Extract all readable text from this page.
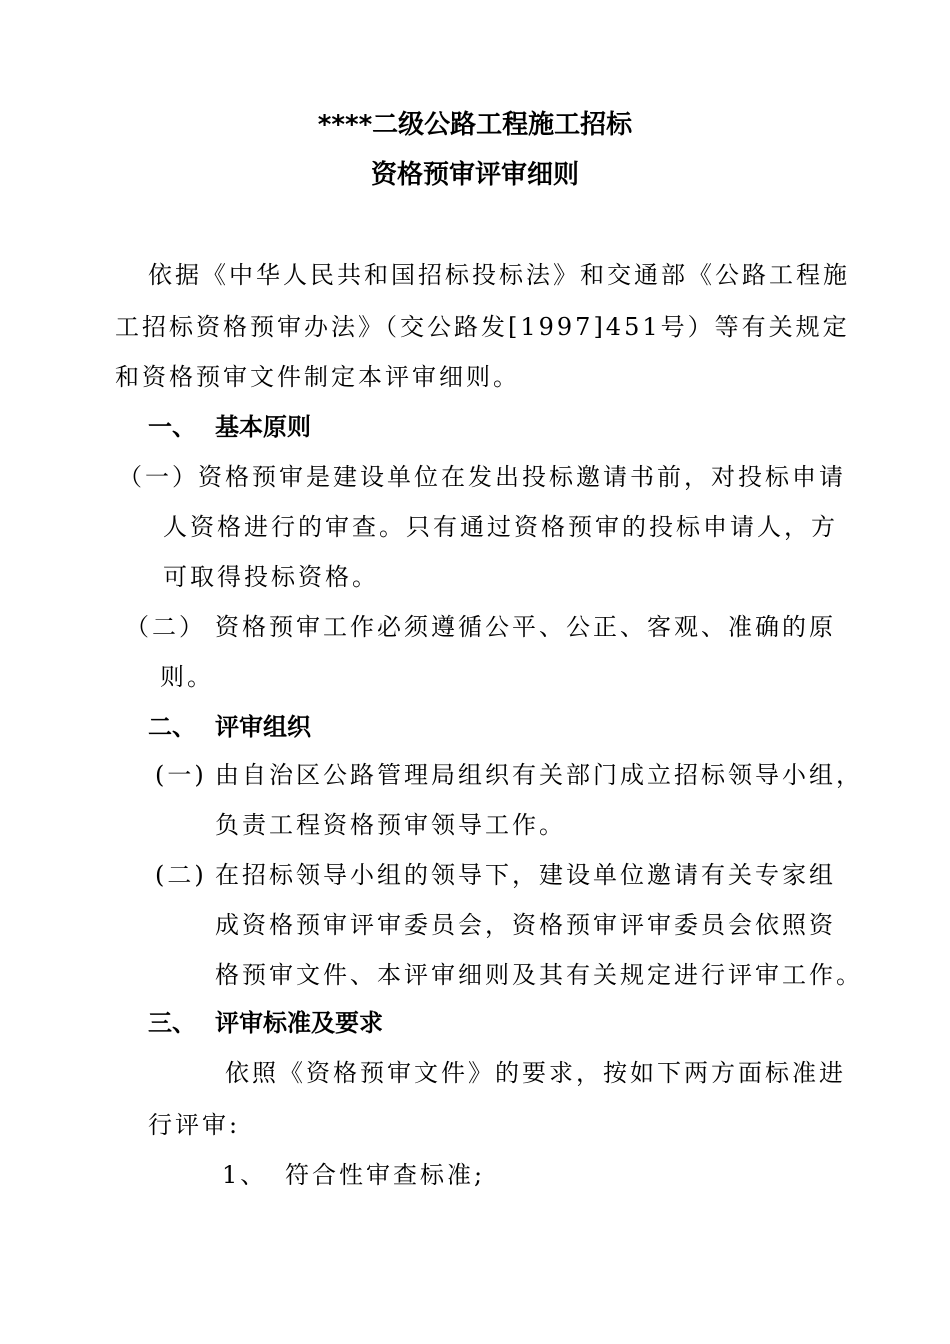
****二级公路工程施工招标
资格预审评审细则
依据《中华人民共和国招标投标法》和交通部《公路工程施
工招标资格预审办法》（交公路发[1997]451号）等有关规定
和资格预审文件制定本评审细则。
一、 基本原则
（一） 资格预审是建设单位在发出投标邀请书前，对投标申请
人资格进行的审查。只有通过资格预审的投标申请人，方
可取得投标资格。
（二） 资格预审工作必须遵循公平、公正、客观、准确的原
则。
二、 评审组织
(一) 由自治区公路管理局组织有关部门成立招标领导小组，
负责工程资格预审领导工作。
(二) 在招标领导小组的领导下，建设单位邀请有关专家组
成资格预审评审委员会，资格预审评审委员会依照资
格预审文件、本评审细则及其有关规定进行评审工作。
三、 评审标准及要求
依照《资格预审文件》的要求，按如下两方面标准进
行评审:
1、 符合性审查标准;
